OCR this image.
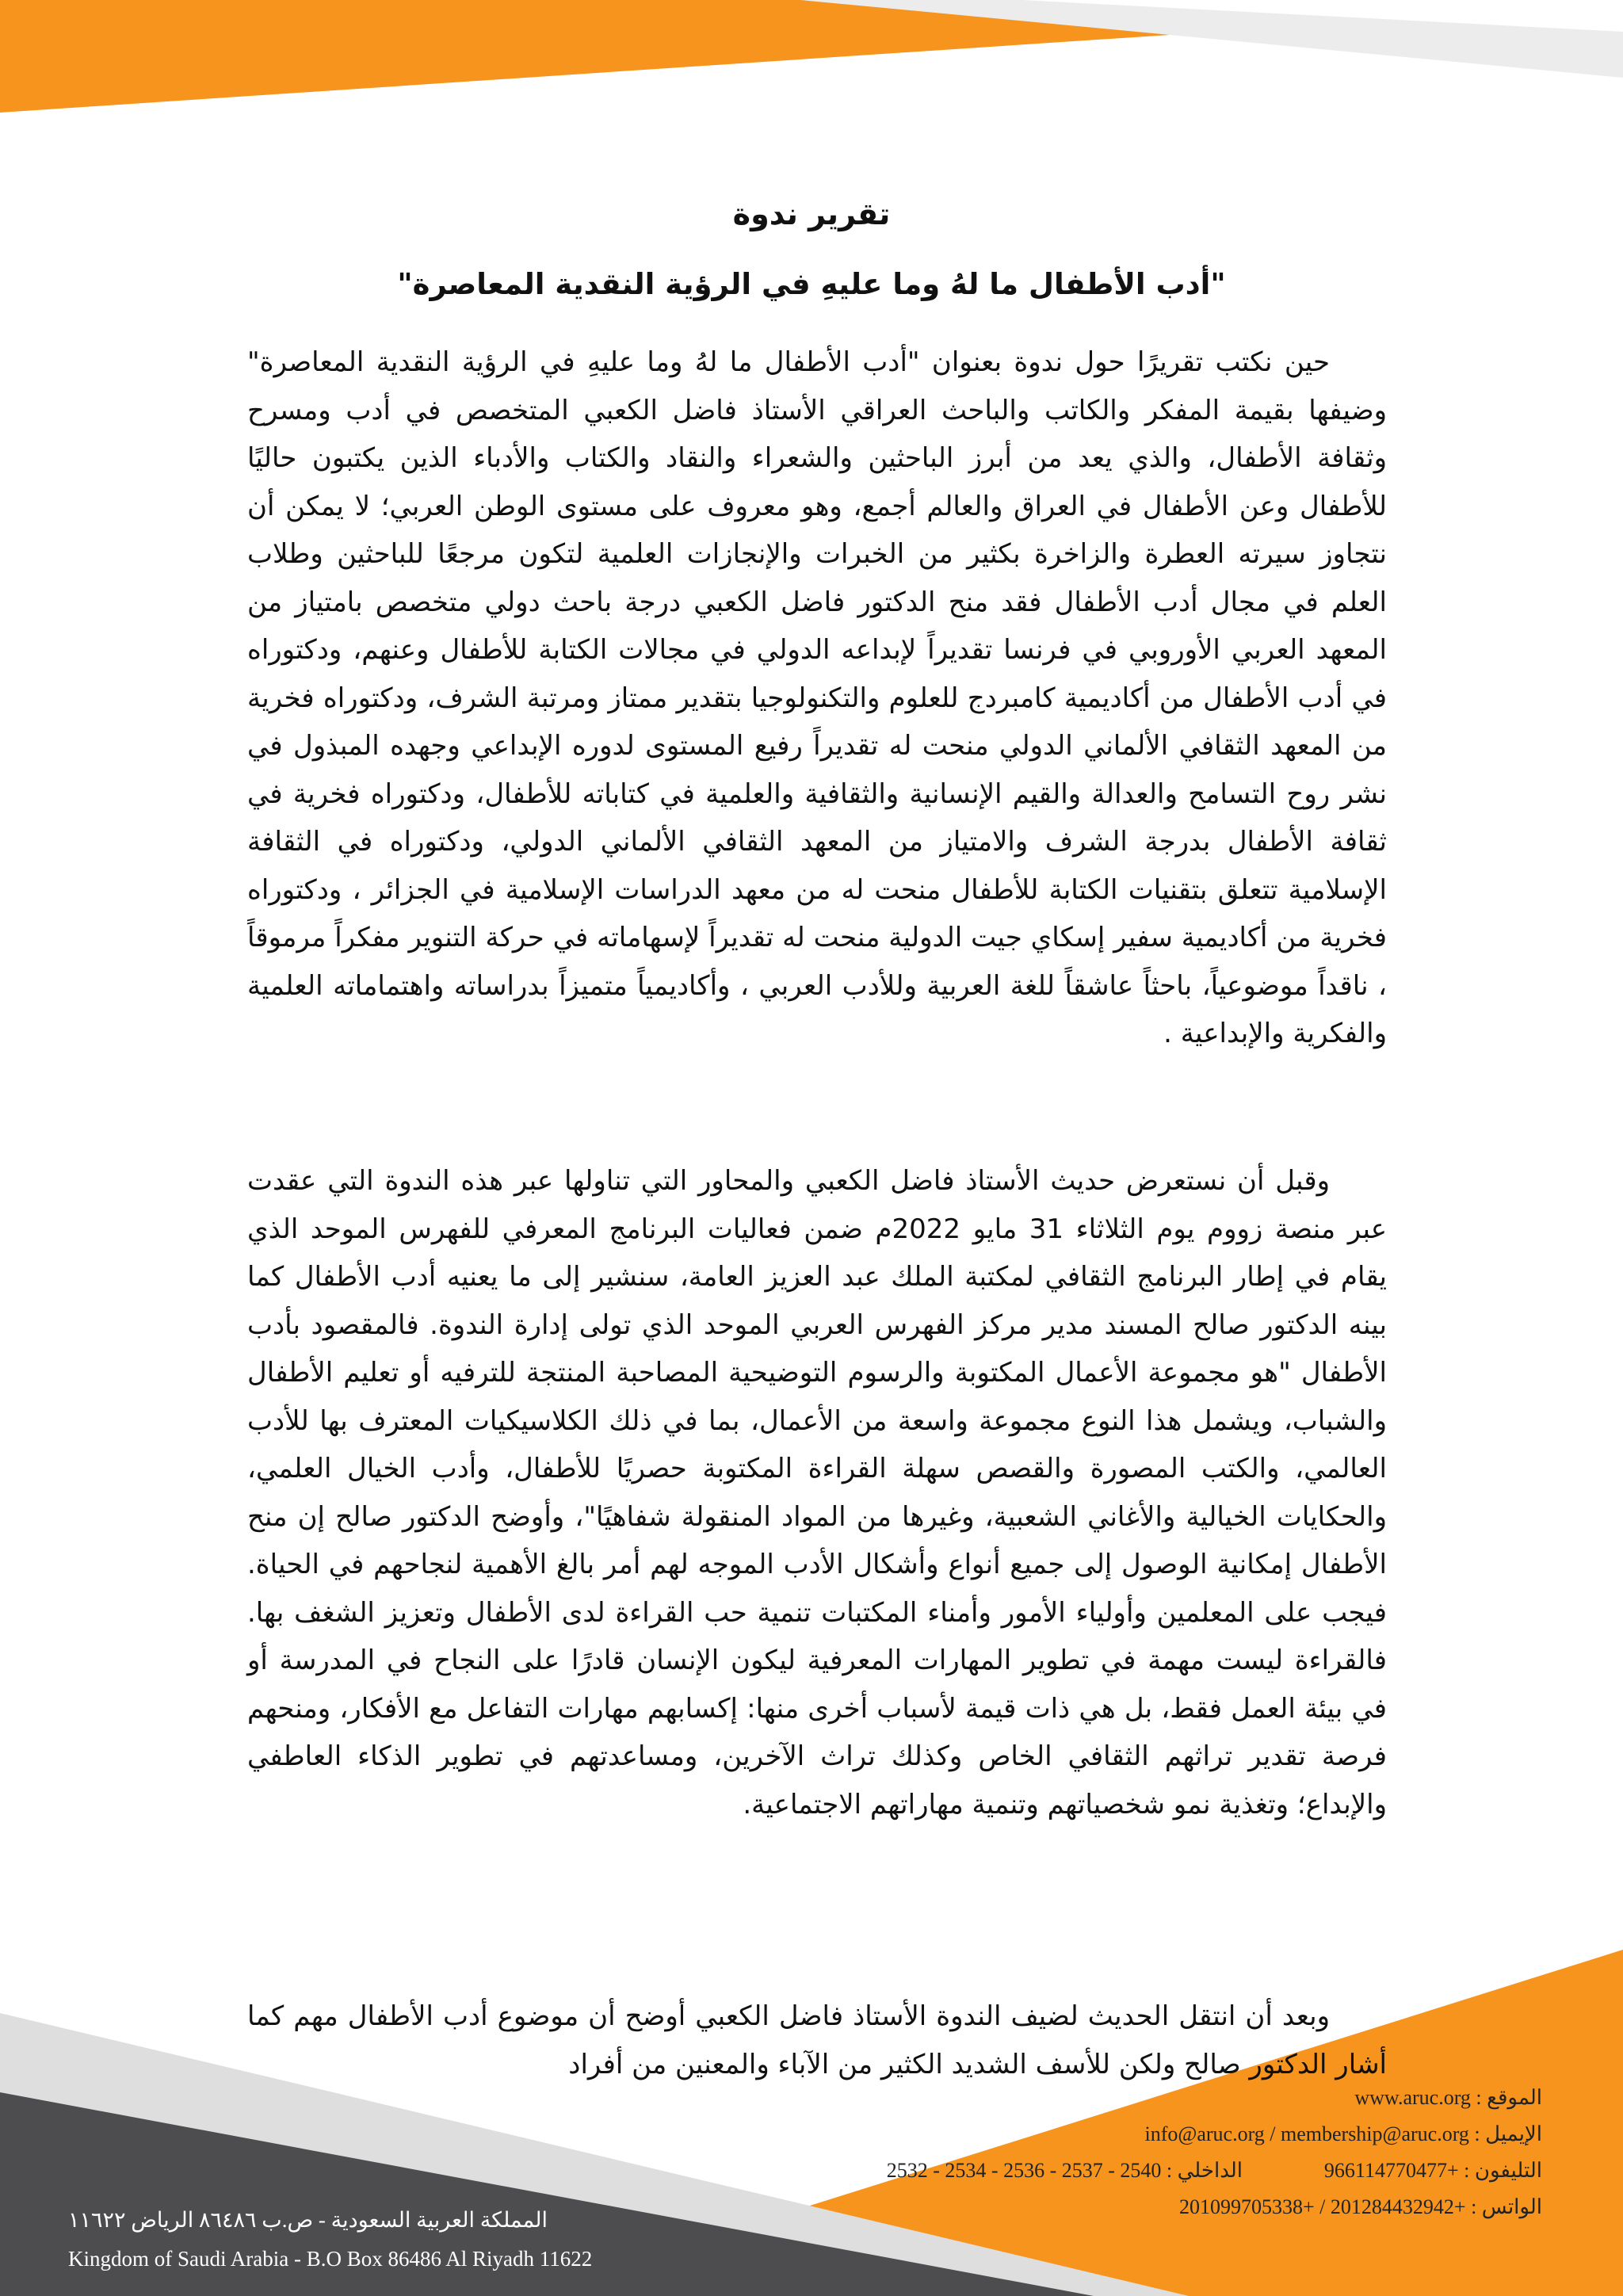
تقرير ندوة
"أدب الأطفال ما لهُ وما عليهِ في الرؤية النقدية المعاصرة"

حين نكتب تقريرًا حول ندوة بعنوان "أدب الأطفال ما لهُ وما عليهِ في الرؤية النقدية المعاصرة" وضيفها بقيمة المفكر والكاتب والباحث العراقي الأستاذ فاضل الكعبي المتخصص في أدب ومسرح وثقافة الأطفال، والذي يعد من أبرز الباحثين والشعراء والنقاد والكتاب والأدباء الذين يكتبون حاليًا للأطفال وعن الأطفال في العراق والعالم أجمع، وهو معروف على مستوى الوطن العربي؛ لا يمكن أن نتجاوز سيرته العطرة والزاخرة بكثير من الخبرات والإنجازات العلمية لتكون مرجعًا للباحثين وطلاب العلم في مجال أدب الأطفال فقد منح الدكتور فاضل الكعبي درجة باحث دولي متخصص بامتياز من المعهد العربي الأوروبي في فرنسا تقديراً لإبداعه الدولي في مجالات الكتابة للأطفال وعنهم، ودكتوراه في أدب الأطفال من أكاديمية كامبردج للعلوم والتكنولوجيا بتقدير ممتاز ومرتبة الشرف، ودكتوراه فخرية من المعهد الثقافي الألماني الدولي منحت له تقديراً رفيع المستوى لدوره الإبداعي وجهده المبذول في نشر روح التسامح والعدالة والقيم الإنسانية والثقافية والعلمية في كتاباته للأطفال، ودكتوراه فخرية في ثقافة الأطفال بدرجة الشرف والامتياز من المعهد الثقافي الألماني الدولي، ودكتوراه في الثقافة الإسلامية تتعلق بتقنيات الكتابة للأطفال منحت له من معهد الدراسات الإسلامية في الجزائر ، ودكتوراه فخرية من أكاديمية سفير إسكاي جيت الدولية منحت له تقديراً لإسهاماته في حركة التنوير مفكراً مرموقاً ، ناقداً موضوعياً، باحثاً عاشقاً للغة العربية وللأدب العربي ، وأكاديمياً متميزاً بدراساته واهتماماته العلمية والفكرية والإبداعية .

وقبل أن نستعرض حديث الأستاذ فاضل الكعبي والمحاور التي تناولها عبر هذه الندوة التي عقدت عبر منصة زووم يوم الثلاثاء 31 مايو 2022م ضمن فعاليات البرنامج المعرفي للفهرس الموحد الذي يقام في إطار البرنامج الثقافي لمكتبة الملك عبد العزيز العامة، سنشير إلى ما يعنيه أدب الأطفال كما بينه الدكتور صالح المسند مدير مركز الفهرس العربي الموحد الذي تولى إدارة الندوة. فالمقصود بأدب الأطفال "هو مجموعة الأعمال المكتوبة والرسوم التوضيحية المصاحبة المنتجة للترفيه أو تعليم الأطفال والشباب، ويشمل هذا النوع مجموعة واسعة من الأعمال، بما في ذلك الكلاسيكيات المعترف بها للأدب العالمي، والكتب المصورة والقصص سهلة القراءة المكتوبة حصريًا للأطفال، وأدب الخيال العلمي، والحكايات الخيالية والأغاني الشعبية، وغيرها من المواد المنقولة شفاهيًا"، وأوضح الدكتور صالح إن منح الأطفال إمكانية الوصول إلى جميع أنواع وأشكال الأدب الموجه لهم أمر بالغ الأهمية لنجاحهم في الحياة. فيجب على المعلمين وأولياء الأمور وأمناء المكتبات تنمية حب القراءة لدى الأطفال وتعزيز الشغف بها. فالقراءة ليست مهمة في تطوير المهارات المعرفية ليكون الإنسان قادرًا على النجاح في المدرسة أو في بيئة العمل فقط، بل هي ذات قيمة لأسباب أخرى منها: إكسابهم مهارات التفاعل مع الأفكار، ومنحهم فرصة تقدير تراثهم الثقافي الخاص وكذلك تراث الآخرين، ومساعدتهم في تطوير الذكاء العاطفي والإبداع؛ وتغذية نمو شخصياتهم وتنمية مهاراتهم الاجتماعية.

وبعد أن انتقل الحديث لضيف الندوة الأستاذ فاضل الكعبي أوضح أن موضوع أدب الأطفال مهم كما أشار الدكتور صالح ولكن للأسف الشديد الكثير من الآباء والمعنين من أفراد

الموقع : www.aruc.org
الإيميل : info@aruc.org / membership@aruc.org
التليفون : +966114770477
الداخلي : 2540 - 2537 - 2536 - 2534 - 2532
الواتس : +201284432942 / +201099705338
المملكة العربية السعودية - ص.ب ٨٦٤٨٦ الرياض ١١٦٢٢
Kingdom of Saudi Arabia - B.O Box 86486 Al Riyadh 11622
